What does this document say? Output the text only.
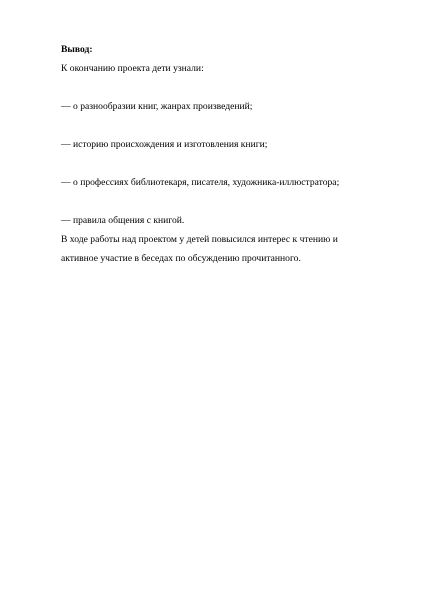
Вывод:
К окончанию проекта дети узнали:
— о разнообразии книг, жанрах произведений;
— историю происхождения и изготовления книги;
— о профессиях библиотекаря, писателя, художника-иллюстратора;
— правила общения с книгой.
В ходе работы над проектом у детей повысился интерес к чтению и
активное участие в беседах по обсуждению прочитанного.
